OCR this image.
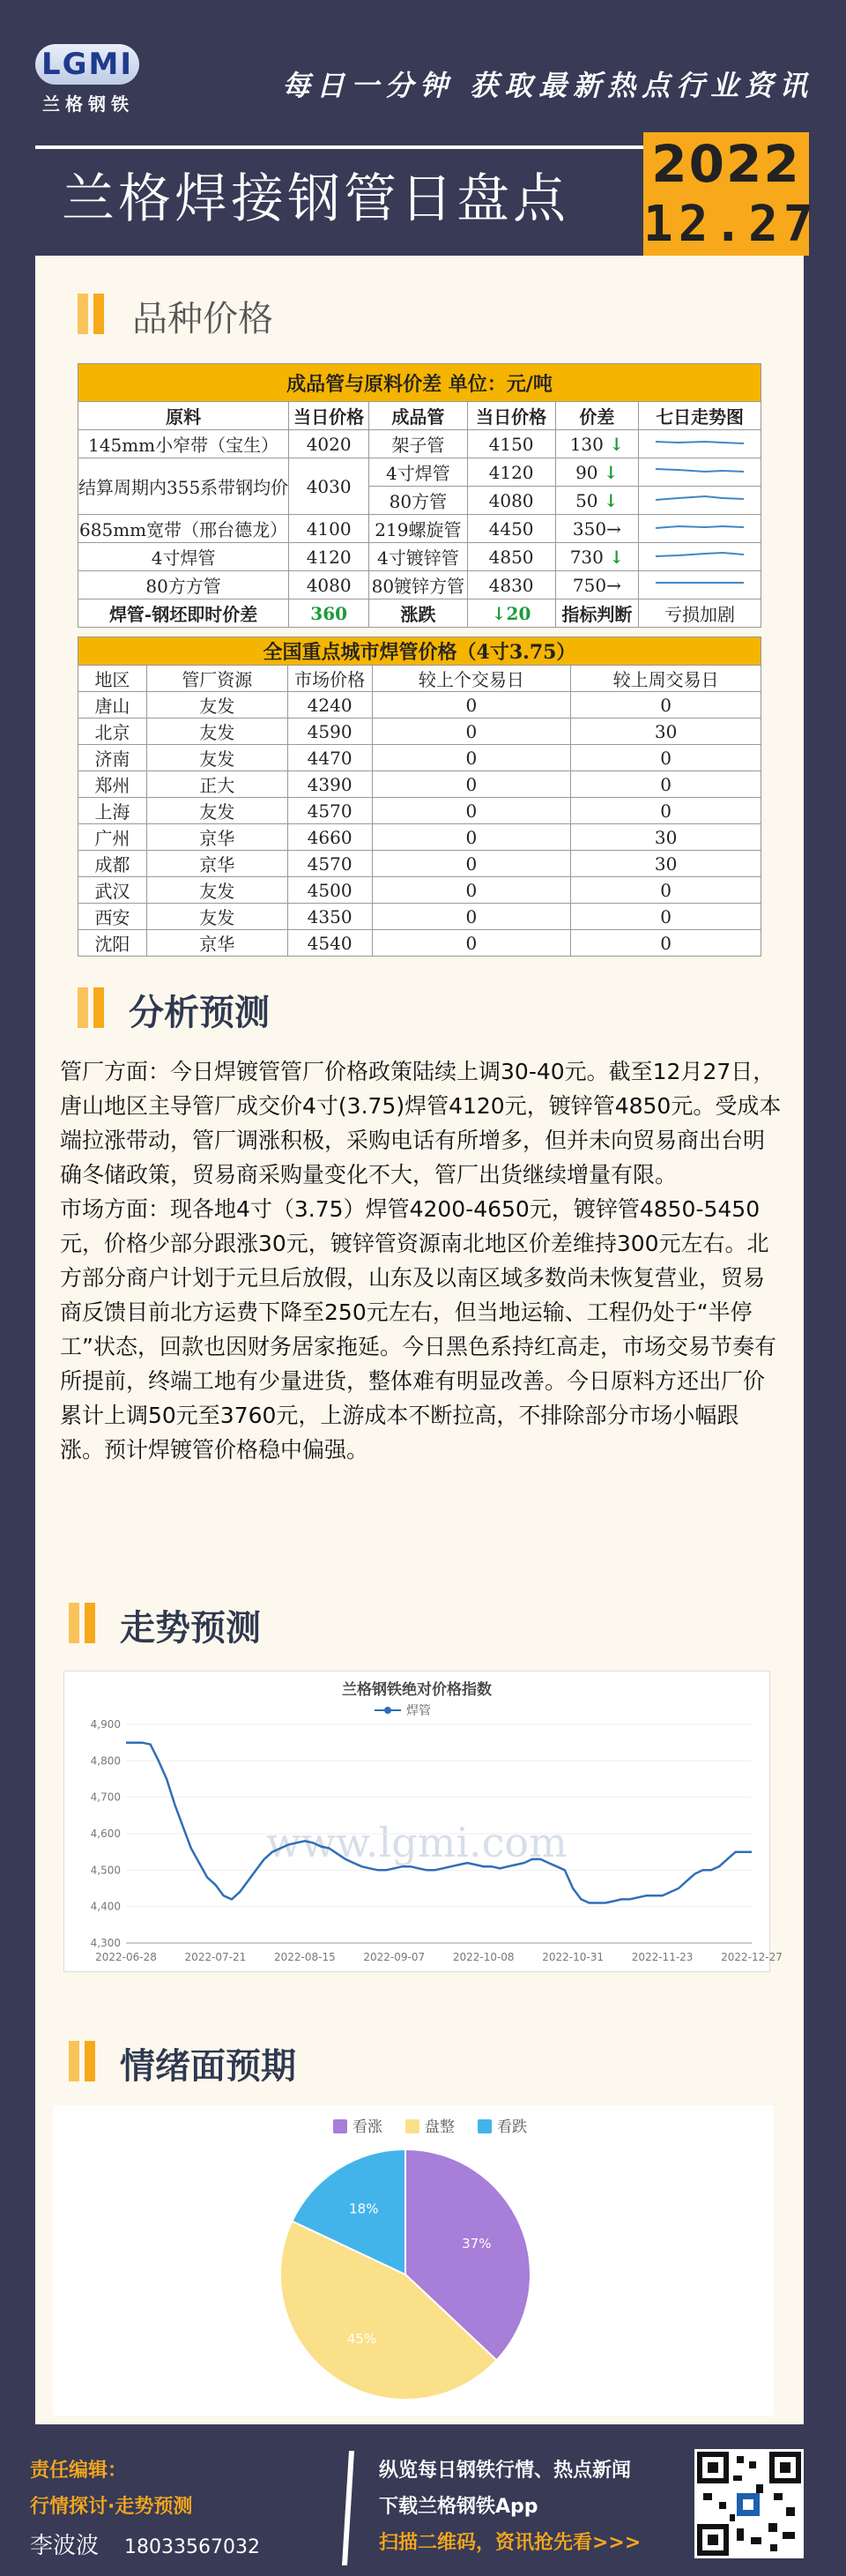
LGMI
兰格钢铁
每日一分钟 获取最新热点行业资讯
兰格焊接钢管日盘点
2022
12.27
品种价格
成品管与原料价差 单位：元/吨					
原料	当日价格	成品管	当日价格	价差	七日走势图
145mm小窄带（宝生）	4020	架子管	4150	130 ↓	
结算周期内355系带钢均价	4030	4寸焊管	4120	90 ↓	
		80方管	4080	50 ↓	
685mm宽带（邢台德龙）	4100	219螺旋管	4450	350→	
4寸焊管	4120	4寸镀锌管	4850	730 ↓	
80方方管	4080	80镀锌方管	4830	750→	
焊管-钢坯即时价差	360	涨跌	↓20	指标判断	亏损加剧
全国重点城市焊管价格（4寸3.75）				
地区	管厂资源	市场价格	较上个交易日	较上周交易日
唐山	友发	4240	0	0
北京	友发	4590	0	30
济南	友发	4470	0	0
郑州	正大	4390	0	0
上海	友发	4570	0	0
广州	京华	4660	0	30
成都	京华	4570	0	30
武汉	友发	4500	0	0
西安	友发	4350	0	0
沈阳	京华	4540	0	0
分析预测

管厂方面：今日焊镀管管厂价格政策陆续上调30-40元。截至12月27日，唐山地区主导管厂成交价4寸(3.75)焊管4120元，镀锌管4850元。受成本端拉涨带动，管厂调涨积极，采购电话有所增多，但并未向贸易商出台明确冬储政策，贸易商采购量变化不大，管厂出货继续增量有限。

市场方面：现各地4寸（3.75）焊管4200-4650元，镀锌管4850-5450元，价格少部分跟涨30元，镀锌管资源南北地区价差维持300元左右。北方部分商户计划于元旦后放假，山东及以南区域多数尚未恢复营业，贸易商反馈目前北方运费下降至250元左右，但当地运输、工程仍处于“半停工”状态，回款也因财务居家拖延。今日黑色系持红高走，市场交易节奏有所提前，终端工地有少量进货，整体难有明显改善。今日原料方还出厂价累计上调50元至3760元，上游成本不断拉高，不排除部分市场小幅跟涨。预计焊镀管价格稳中偏强。

走势预测
兰格钢铁绝对价格指数
焊管
www.lgmi.com
4,300
4,400
4,500
4,600
4,700
4,800
4,900
2022-06-28	2022-07-21	2022-08-15	2022-09-07	2022-10-08	2022-10-31	2022-11-23	2022-12-27
情绪面预期
看涨	盘整	看跌
37%
45%
18%
责任编辑：
行情探讨·走势预测
李波波 18033567032
纵览每日钢铁行情、热点新闻
下载兰格钢铁App
扫描二维码，资讯抢先看>>>
